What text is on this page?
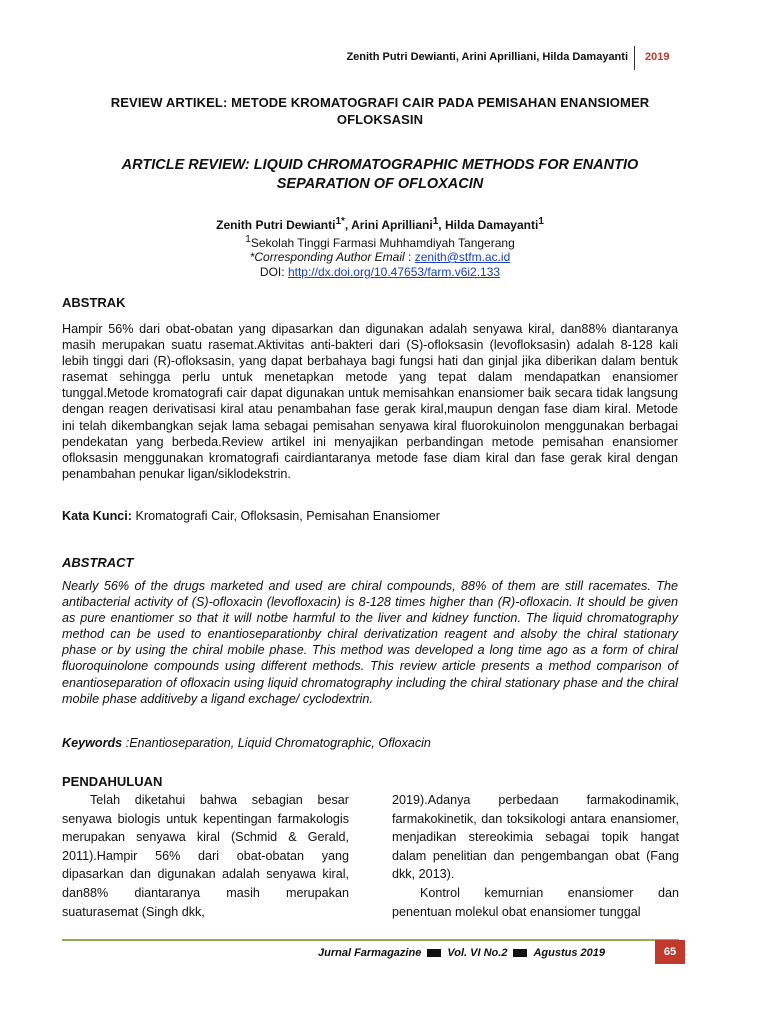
Zenith Putri Dewianti, Arini Aprilliani, Hilda Damayanti 2019
REVIEW ARTIKEL: METODE KROMATOGRAFI CAIR PADA PEMISAHAN ENANSIOMER
OFLOKSASIN
ARTICLE REVIEW: LIQUID CHROMATOGRAPHIC METHODS FOR ENANTIO
SEPARATION OF OFLOXACIN
Zenith Putri Dewianti$^{1*}$, Arini Aprilliani$^1$, Hilda Damayanti$^1$
$^1$Sekolah Tinggi Farmasi Muhhamdiyah Tangerang
*Corresponding Author Email : zenith@stfm.ac.id
DOI: http://dx.doi.org/10.47653/farm.v6i2.133
ABSTRAK
Hampir 56% dari obat-obatan yang dipasarkan dan digunakan adalah senyawa kiral, dan88% diantaranya masih merupakan suatu rasemat.Aktivitas anti-bakteri dari (S)-ofloksasin (levofloksasin) adalah 8-128 kali lebih tinggi dari (R)-ofloksasin, yang dapat berbahaya bagi fungsi hati dan ginjal jika diberikan dalam bentuk rasemat sehingga perlu untuk menetapkan metode yang tepat dalam mendapatkan enansiomer tunggal.Metode kromatografi cair dapat digunakan untuk memisahkan enansiomer baik secara tidak langsung dengan reagen derivatisasi kiral atau penambahan fase gerak kiral,maupun dengan fase diam kiral. Metode ini telah dikembangkan sejak lama sebagai pemisahan senyawa kiral fluorokuinolon menggunakan berbagai pendekatan yang berbeda.Review artikel ini menyajikan perbandingan metode pemisahan enansiomer ofloksasin menggunakan kromatografi cairdiantaranya metode fase diam kiral dan fase gerak kiral dengan penambahan penukar ligan/siklodekstrin.
Kata Kunci: Kromatografi Cair, Ofloksasin, Pemisahan Enansiomer
ABSTRACT
Nearly 56% of the drugs marketed and used are chiral compounds, 88% of them are still racemates. The antibacterial activity of (S)-ofloxacin (levofloxacin) is 8-128 times higher than (R)-ofloxacin. It should be given as pure enantiomer so that it will notbe harmful to the liver and kidney function. The liquid chromatography method can be used to enantioseparationby chiral derivatization reagent and alsoby the chiral stationary phase or by using the chiral mobile phase. This method was developed a long time ago as a form of chiral fluoroquinolone compounds using different methods. This review article presents a method comparison of enantioseparation of ofloxacin using liquid chromatography including the chiral stationary phase and the chiral mobile phase additiveby a ligand exchage/ cyclodextrin.
Keywords :Enantioseparation, Liquid Chromatographic, Ofloxacin
PENDAHULUAN
Telah diketahui bahwa sebagian besar senyawa biologis untuk kepentingan farmakologis merupakan senyawa kiral (Schmid & Gerald, 2011).Hampir 56% dari obat-obatan yang dipasarkan dan digunakan adalah senyawa kiral, dan88% diantaranya masih merupakan suaturasemat (Singh dkk,
2019).Adanya perbedaan farmakodinamik, farmakokinetik, dan toksikologi antara enansiomer, menjadikan stereokimia sebagai topik hangat dalam penelitian dan pengembangan obat (Fang dkk, 2013).
Kontrol kemurnian enansiomer dan penentuan molekul obat enansiomer tunggal
Jurnal Farmagazine Vol. VI No.2 Agustus 2019	65
